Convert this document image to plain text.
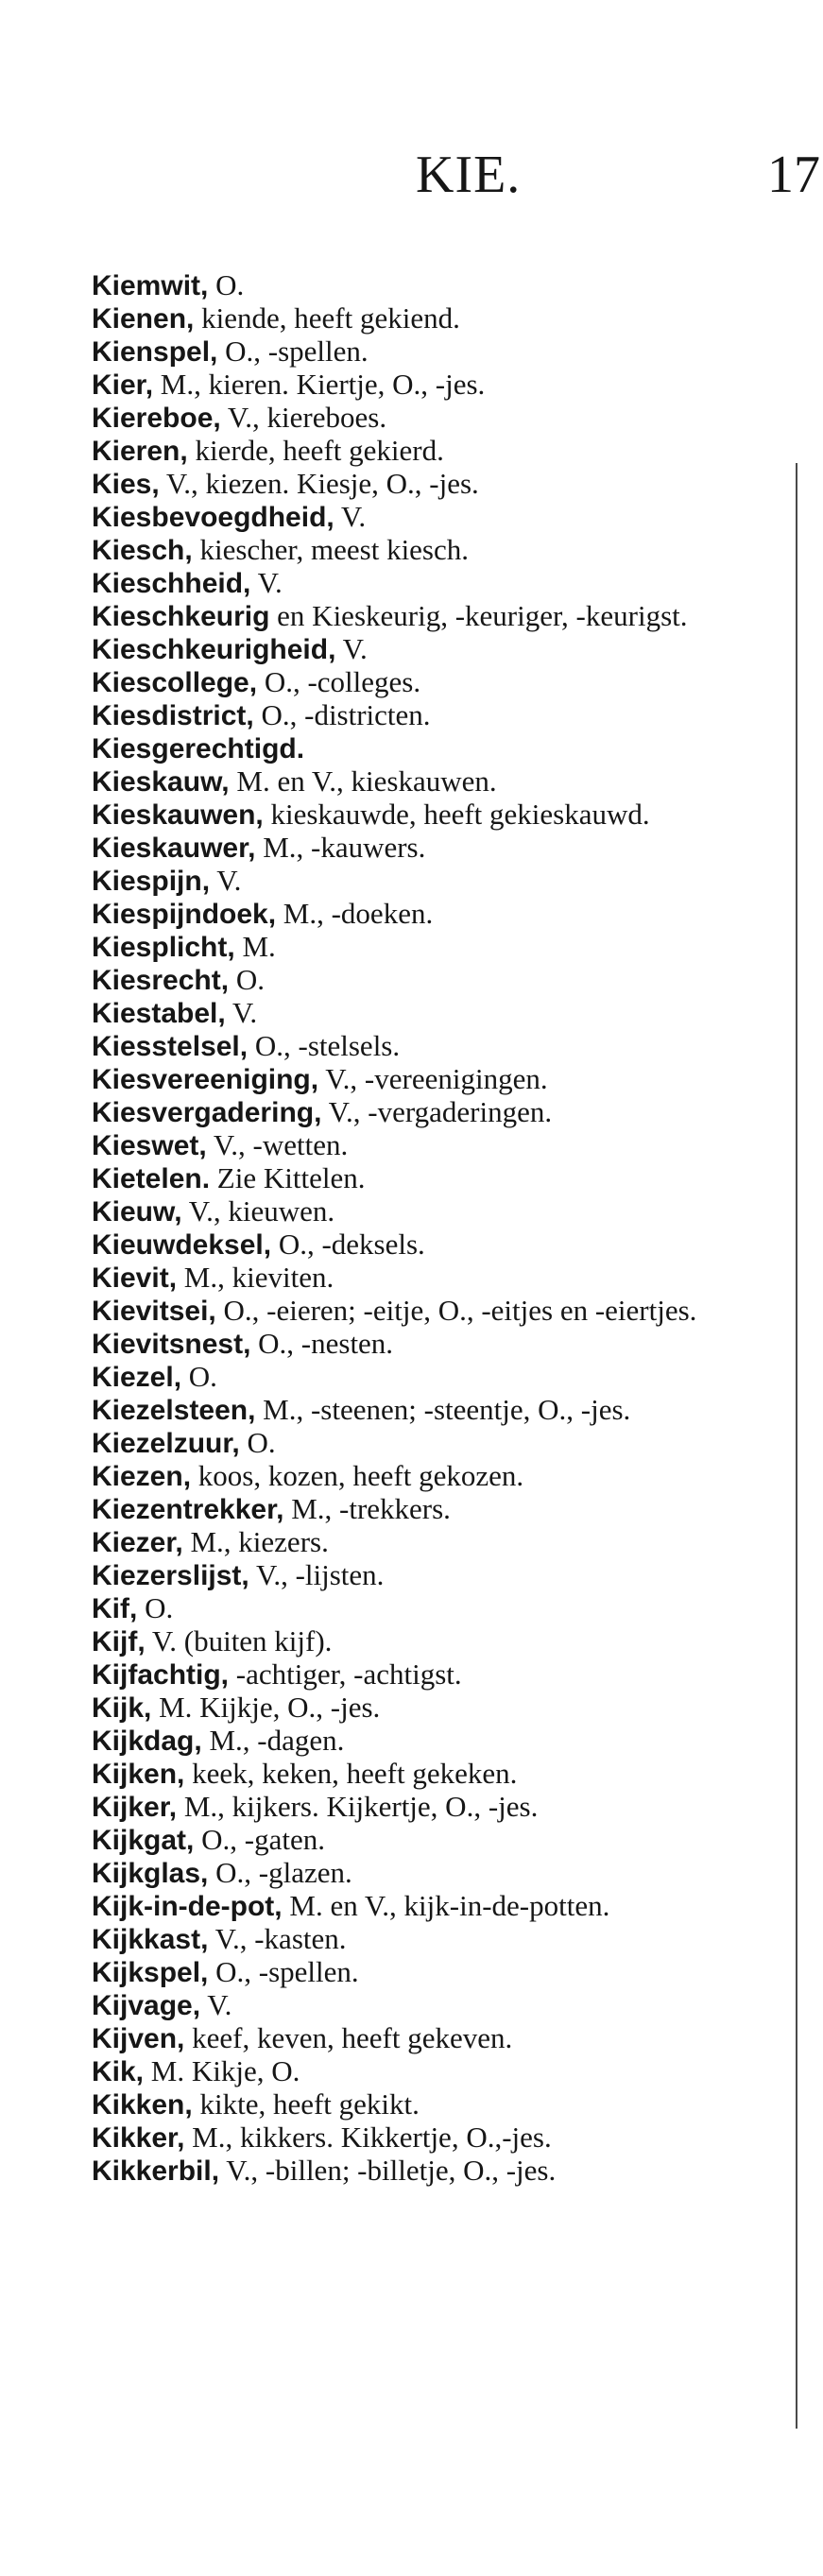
KIE.	17
Kiemwit, O.
Kienen, kiende, heeft gekiend.
Kienspel, O., -spellen.
Kier, M., kieren. Kiertje, O., -jes.
Kiereboe, V., kiereboes.
Kieren, kierde, heeft gekierd.
Kies, V., kiezen. Kiesje, O., -jes.
Kiesbevoegdheid, V.
Kiesch, kiescher, meest kiesch.
Kieschheid, V.
Kieschkeurig en Kieskeurig, -keuriger, -keurigst.
Kieschkeurigheid, V.
Kiescollege, O., -colleges.
Kiesdistrict, O., -districten.
Kiesgerechtigd.
Kieskauw, M. en V., kieskauwen.
Kieskauwen, kieskauwde, heeft gekieskauwd.
Kieskauwer, M., -kauwers.
Kiespijn, V.
Kiespijndoek, M., -doeken.
Kiesplicht, M.
Kiesrecht, O.
Kiestabel, V.
Kiesstelsel, O., -stelsels.
Kiesvereeniging, V., -vereenigingen.
Kiesvergadering, V., -vergaderingen.
Kieswet, V., -wetten.
Kietelen. Zie Kittelen.
Kieuw, V., kieuwen.
Kieuwdeksel, O., -deksels.
Kievit, M., kieviten.
Kievitsei, O., -eieren; -eitje, O., -eitjes en -eiertjes.
Kievitsnest, O., -nesten.
Kiezel, O.
Kiezelsteen, M., -steenen; -steentje, O., -jes.
Kiezelzuur, O.
Kiezen, koos, kozen, heeft gekozen.
Kiezentrekker, M., -trekkers.
Kiezer, M., kiezers.
Kiezerslijst, V., -lijsten.
Kif, O.
Kijf, V. (buiten kijf).
Kijfachtig, -achtiger, -achtigst.
Kijk, M. Kijkje, O., -jes.
Kijkdag, M., -dagen.
Kijken, keek, keken, heeft gekeken.
Kijker, M., kijkers. Kijkertje, O., -jes.
Kijkgat, O., -gaten.
Kijkglas, O., -glazen.
Kijk-in-de-pot, M. en V., kijk-in-de-potten.
Kijkkast, V., -kasten.
Kijkspel, O., -spellen.
Kijvage, V.
Kijven, keef, keven, heeft gekeven.
Kik, M. Kikje, O.
Kikken, kikte, heeft gekikt.
Kikker, M., kikkers. Kikkertje, O.,-jes.
Kikkerbil, V., -billen; -billetje, O., -jes.
